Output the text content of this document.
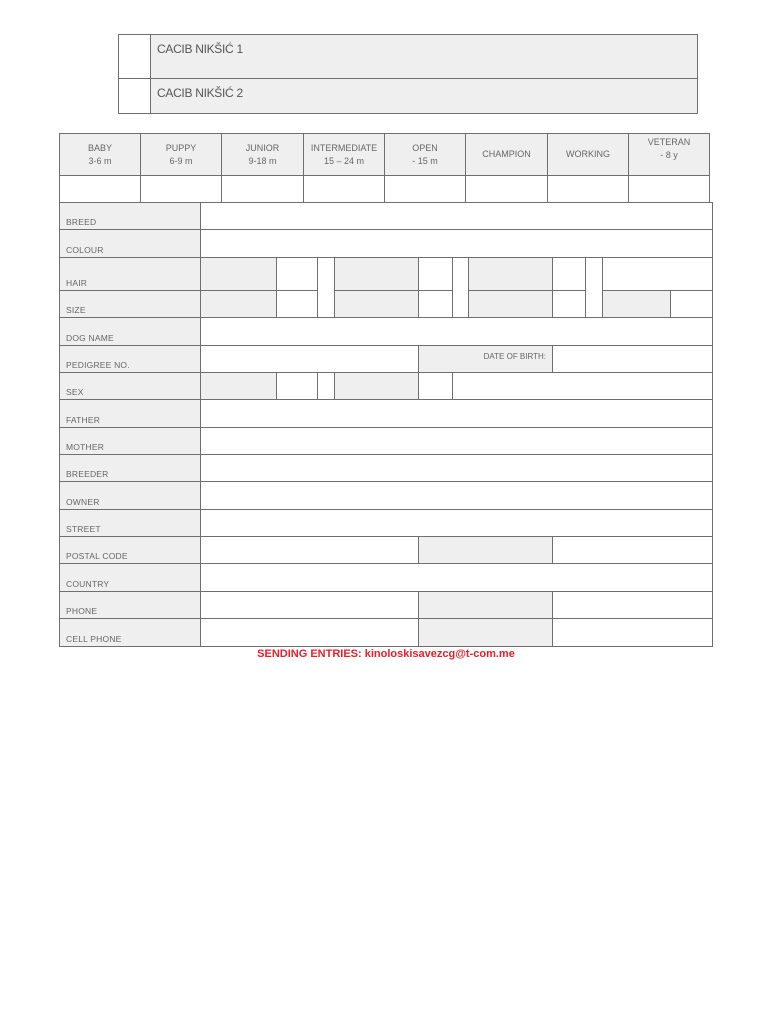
CACIB NIKŠIĆ 1
CACIB NIKŠIĆ 2
BABY
3-6 m
PUPPY
6-9 m
JUNIOR
9-18 m
INTERMEDIATE
15 – 24 m
OPEN
- 15 m
CHAMPION	WORKING
VETERAN
- 8 y
BREED
COLOUR
HAIR
SIZE
DOG NAME
PEDIGREE NO.
DATE OF BIRTH:
SEX
FATHER
MOTHER
BREEDER
OWNER
STREET
POSTAL CODE
COUNTRY
PHONE
CELL PHONE
SENDING ENTRIES: kinoloskisavezcg@t-com.me
